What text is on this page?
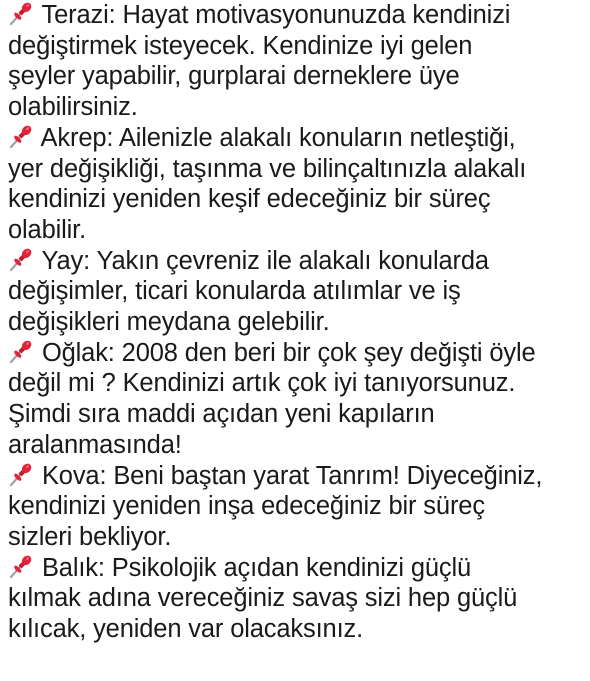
Terazi: Hayat motivasyonunuzda kendinizi
değiştirmek isteyecek. Kendinize iyi gelen
şeyler yapabilir, gurplarai derneklere üye
olabilirsiniz.
Akrep: Ailenizle alakalı konuların netleştiği,
yer değişikliği, taşınma ve bilinçaltınızla alakalı
kendinizi yeniden keşif edeceğiniz bir süreç
olabilir.
Yay: Yakın çevreniz ile alakalı konularda
değişimler, ticari konularda atılımlar ve iş
değişikleri meydana gelebilir.
Oğlak: 2008 den beri bir çok şey değişti öyle
değil mi ? Kendinizi artık çok iyi tanıyorsunuz.
Şimdi sıra maddi açıdan yeni kapıların
aralanmasında!
Kova: Beni baştan yarat Tanrım! Diyeceğiniz,
kendinizi yeniden inşa edeceğiniz bir süreç
sizleri bekliyor.
Balık: Psikolojik açıdan kendinizi güçlü
kılmak adına vereceğiniz savaş sizi hep güçlü
kılıcak, yeniden var olacaksınız.
